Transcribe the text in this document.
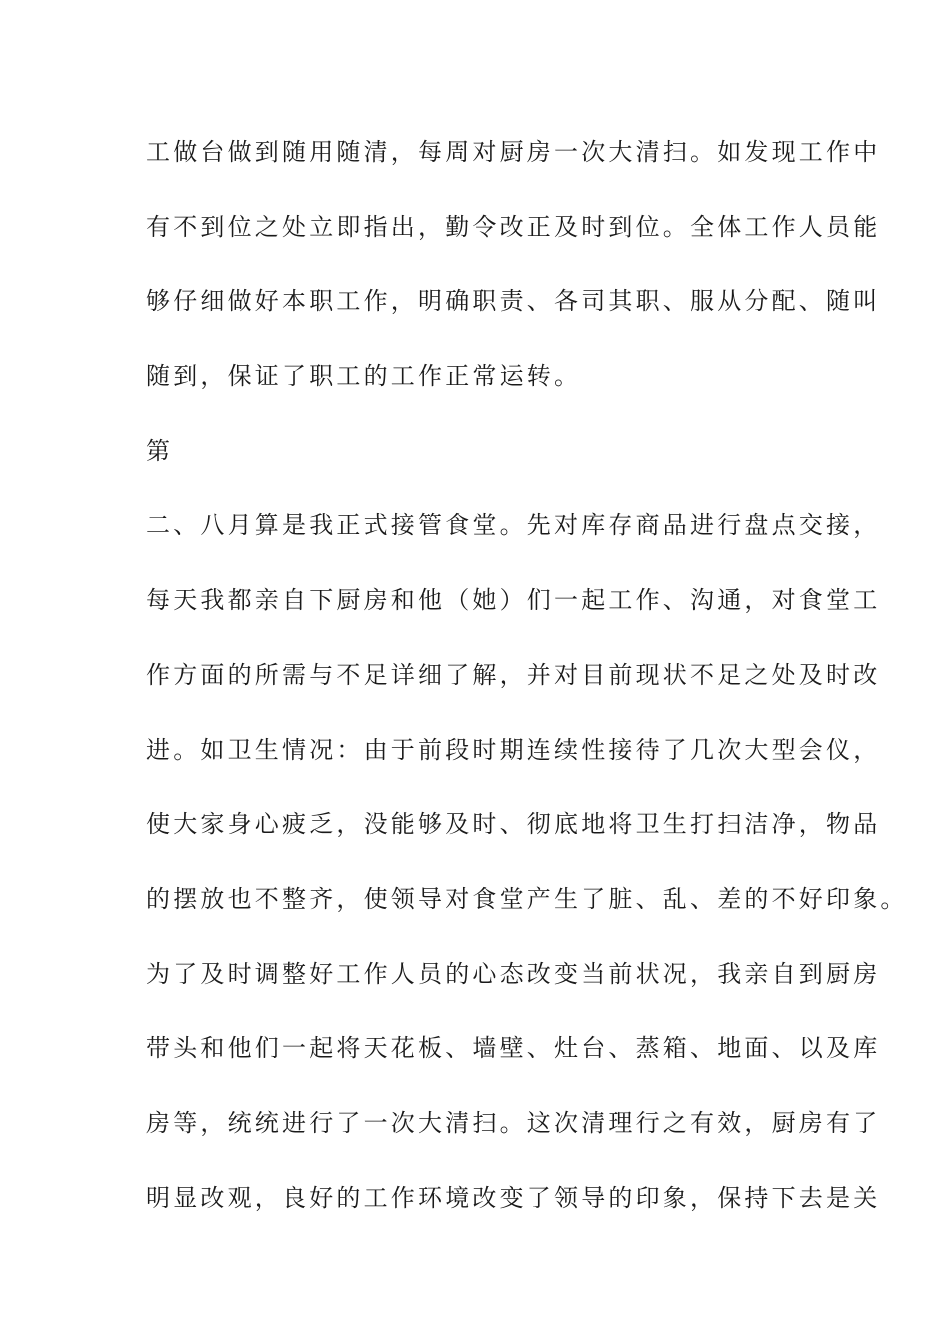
工做台做到随用随清，每周对厨房一次大清扫。如发现工作中
有不到位之处立即指出，勤令改正及时到位。全体工作人员能
够仔细做好本职工作，明确职责、各司其职、服从分配、随叫
随到，保证了职工的工作正常运转。
第
二、八月算是我正式接管食堂。先对库存商品进行盘点交接，
每天我都亲自下厨房和他（她）们一起工作、沟通，对食堂工
作方面的所需与不足详细了解，并对目前现状不足之处及时改
进。如卫生情况：由于前段时期连续性接待了几次大型会仪，
使大家身心疲乏，没能够及时、彻底地将卫生打扫洁净，物品
的摆放也不整齐，使领导对食堂产生了脏、乱、差的不好印象。
为了及时调整好工作人员的心态改变当前状况，我亲自到厨房
带头和他们一起将天花板、墙壁、灶台、蒸箱、地面、以及库
房等，统统进行了一次大清扫。这次清理行之有效，厨房有了
明显改观，良好的工作环境改变了领导的印象，保持下去是关
